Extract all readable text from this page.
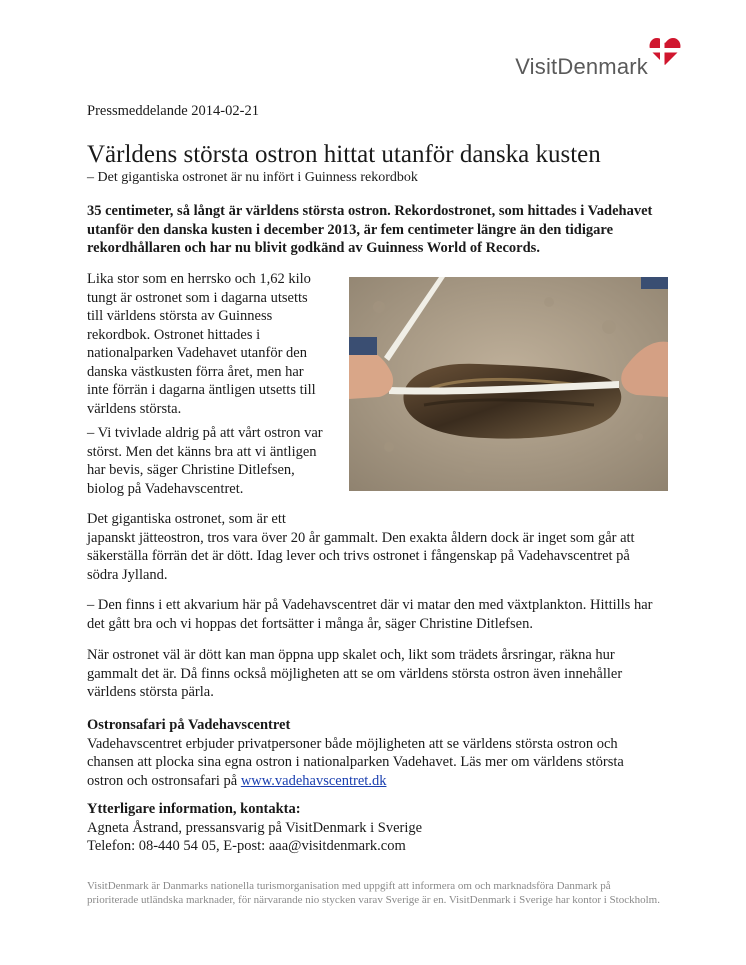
VisitDenmark
Pressmeddelande 2014-02-21
Världens största ostron hittat utanför danska kusten
– Det gigantiska ostronet är nu infört i Guinness rekordbok
35 centimeter, så långt är världens största ostron. Rekordostronet, som hittades i Vadehavet utanför den danska kusten i december 2013, är fem centimeter längre än den tidigare rekordhållaren och har nu blivit godkänd av Guinness World of Records.

Lika stor som en herrsko och 1,62 kilo tungt är ostronet som i dagarna utsetts till världens största av Guinness rekordbok. Ostronet hittades i nationalparken Vadehavet utanför den danska västkusten förra året, men har inte förrän i dagarna äntligen utsetts till världens största.

– Vi tvivlade aldrig på att vårt ostron var störst. Men det känns bra att vi äntligen har bevis, säger Christine Ditlefsen, biolog på Vadehavscentret.

Det gigantiska ostronet, som är ett
japanskt jätteostron, tros vara över 20 år gammalt. Den exakta åldern dock är inget som går att säkerställa förrän det är dött. Idag lever och trivs ostronet i fångenskap på Vadehavscentret på södra Jylland.

– Den finns i ett akvarium här på Vadehavscentret där vi matar den med växtplankton. Hittills har det gått bra och vi hoppas det fortsätter i många år, säger Christine Ditlefsen.

När ostronet väl är dött kan man öppna upp skalet och, likt som trädets årsringar, räkna hur gammalt det är. Då finns också möjligheten att se om världens största ostron även innehåller världens största pärla.

Ostronsafari på Vadehavscentret

Vadehavscentret erbjuder privatpersoner både möjligheten att se världens största ostron och chansen att plocka sina egna ostron i nationalparken Vadehavet. Läs mer om världens största ostron och ostronsafari på www.vadehavscentret.dk

Ytterligare information, kontakta:
Agneta Åstrand, pressansvarig på VisitDenmark i Sverige
Telefon: 08-440 54 05, E-post: aaa@visitdenmark.com
VisitDenmark är Danmarks nationella turismorganisation med uppgift att informera om och marknadsföra Danmark på prioriterade utländska marknader, för närvarande nio stycken varav Sverige är en. VisitDenmark i Sverige har kontor i Stockholm.
